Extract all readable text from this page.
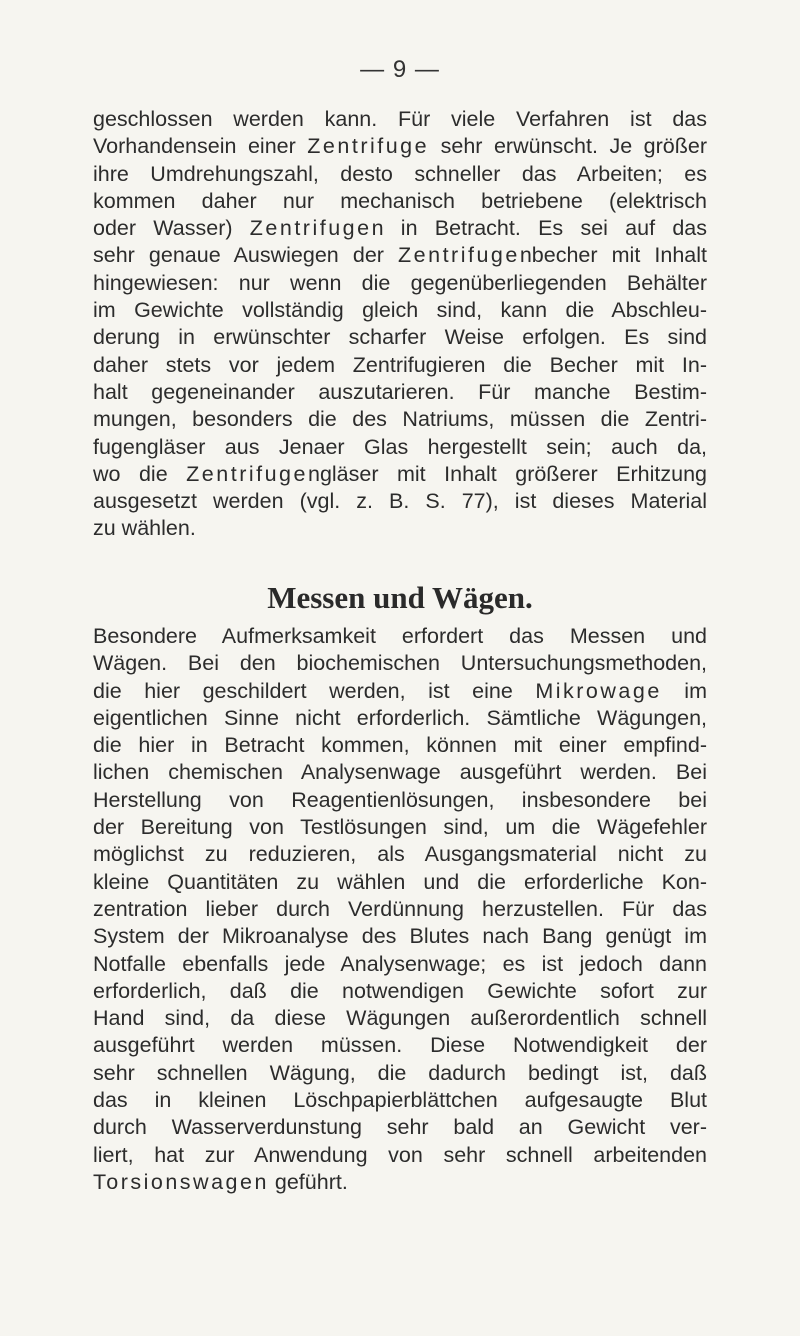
— 9 —
geschlossen werden kann. Für viele Verfahren ist das
Vorhandensein einer Zentrifuge sehr erwünscht. Je größer
ihre Umdrehungszahl, desto schneller das Arbeiten; es
kommen daher nur mechanisch betriebene (elektrisch
oder Wasser) Zentrifugen in Betracht. Es sei auf das
sehr genaue Auswiegen der Zentrifugenbecher mit Inhalt
hingewiesen: nur wenn die gegenüberliegenden Behälter
im Gewichte vollständig gleich sind, kann die Abschleu-
derung in erwünschter scharfer Weise erfolgen. Es sind
daher stets vor jedem Zentrifugieren die Becher mit In-
halt gegeneinander auszutarieren. Für manche Bestim-
mungen, besonders die des Natriums, müssen die Zentri-
fugengläser aus Jenaer Glas hergestellt sein; auch da,
wo die Zentrifugengläser mit Inhalt größerer Erhitzung
ausgesetzt werden (vgl. z. B. S. 77), ist dieses Material
zu wählen.
Messen und Wägen.
Besondere Aufmerksamkeit erfordert das Messen und
Wägen. Bei den biochemischen Untersuchungsmethoden,
die hier geschildert werden, ist eine Mikrowage im
eigentlichen Sinne nicht erforderlich. Sämtliche Wägungen,
die hier in Betracht kommen, können mit einer empfind-
lichen chemischen Analysenwage ausgeführt werden. Bei
Herstellung von Reagentienlösungen, insbesondere bei
der Bereitung von Testlösungen sind, um die Wägefehler
möglichst zu reduzieren, als Ausgangsmaterial nicht zu
kleine Quantitäten zu wählen und die erforderliche Kon-
zentration lieber durch Verdünnung herzustellen. Für das
System der Mikroanalyse des Blutes nach Bang genügt im
Notfalle ebenfalls jede Analysenwage; es ist jedoch dann
erforderlich, daß die notwendigen Gewichte sofort zur
Hand sind, da diese Wägungen außerordentlich schnell
ausgeführt werden müssen. Diese Notwendigkeit der
sehr schnellen Wägung, die dadurch bedingt ist, daß
das in kleinen Löschpapierblättchen aufgesaugte Blut
durch Wasserverdunstung sehr bald an Gewicht ver-
liert, hat zur Anwendung von sehr schnell arbeitenden
Torsionswagen geführt.
